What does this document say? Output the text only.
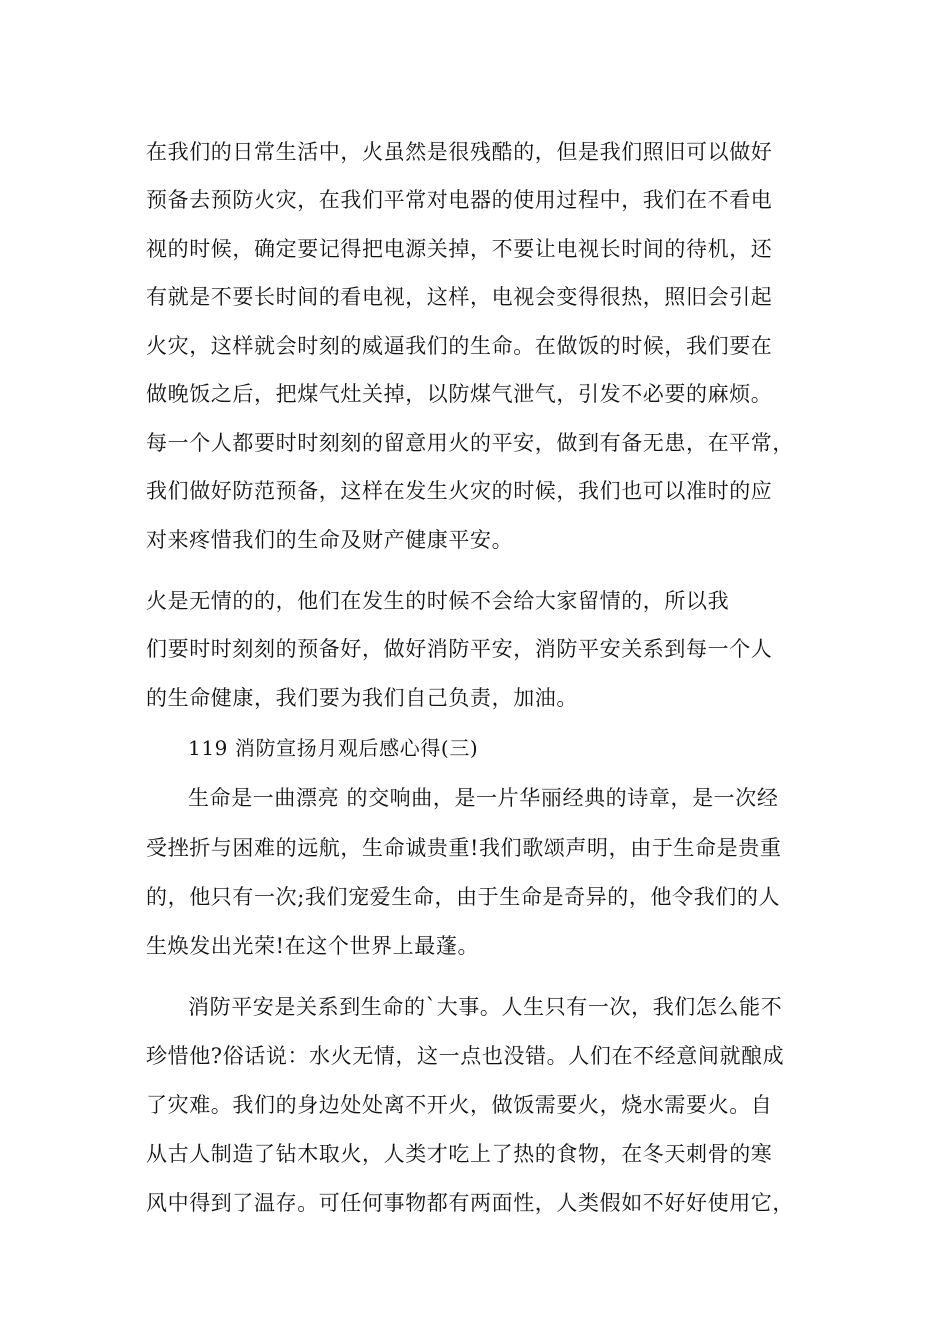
在我们的日常生活中，火虽然是很残酷的，但是我们照旧可以做好
预备去预防火灾，在我们平常对电器的使用过程中，我们在不看电
视的时候，确定要记得把电源关掉，不要让电视长时间的待机，还
有就是不要长时间的看电视，这样，电视会变得很热，照旧会引起
火灾，这样就会时刻的威逼我们的生命。在做饭的时候，我们要在
做晚饭之后，把煤气灶关掉，以防煤气泄气，引发不必要的麻烦。
每一个人都要时时刻刻的留意用火的平安，做到有备无患，在平常，
我们做好防范预备，这样在发生火灾的时候，我们也可以准时的应
对来疼惜我们的生命及财产健康平安。
火是无情的的，他们在发生的时候不会给大家留情的，所以我
们要时时刻刻的预备好，做好消防平安，消防平安关系到每一个人
的生命健康，我们要为我们自己负责，加油。
119 消防宣扬月观后感心得(三)
生命是一曲漂亮 的交响曲，是一片华丽经典的诗章，是一次经
受挫折与困难的远航，生命诚贵重!我们歌颂声明，由于生命是贵重
的，他只有一次;我们宠爱生命，由于生命是奇异的，他令我们的人
生焕发出光荣!在这个世界上最蓬。
消防平安是关系到生命的`大事。人生只有一次，我们怎么能不
珍惜他?俗话说：水火无情，这一点也没错。人们在不经意间就酿成
了灾难。我们的身边处处离不开火，做饭需要火，烧水需要火。自
从古人制造了钻木取火，人类才吃上了热的食物，在冬天刺骨的寒
风中得到了温存。可任何事物都有两面性，人类假如不好好使用它，
